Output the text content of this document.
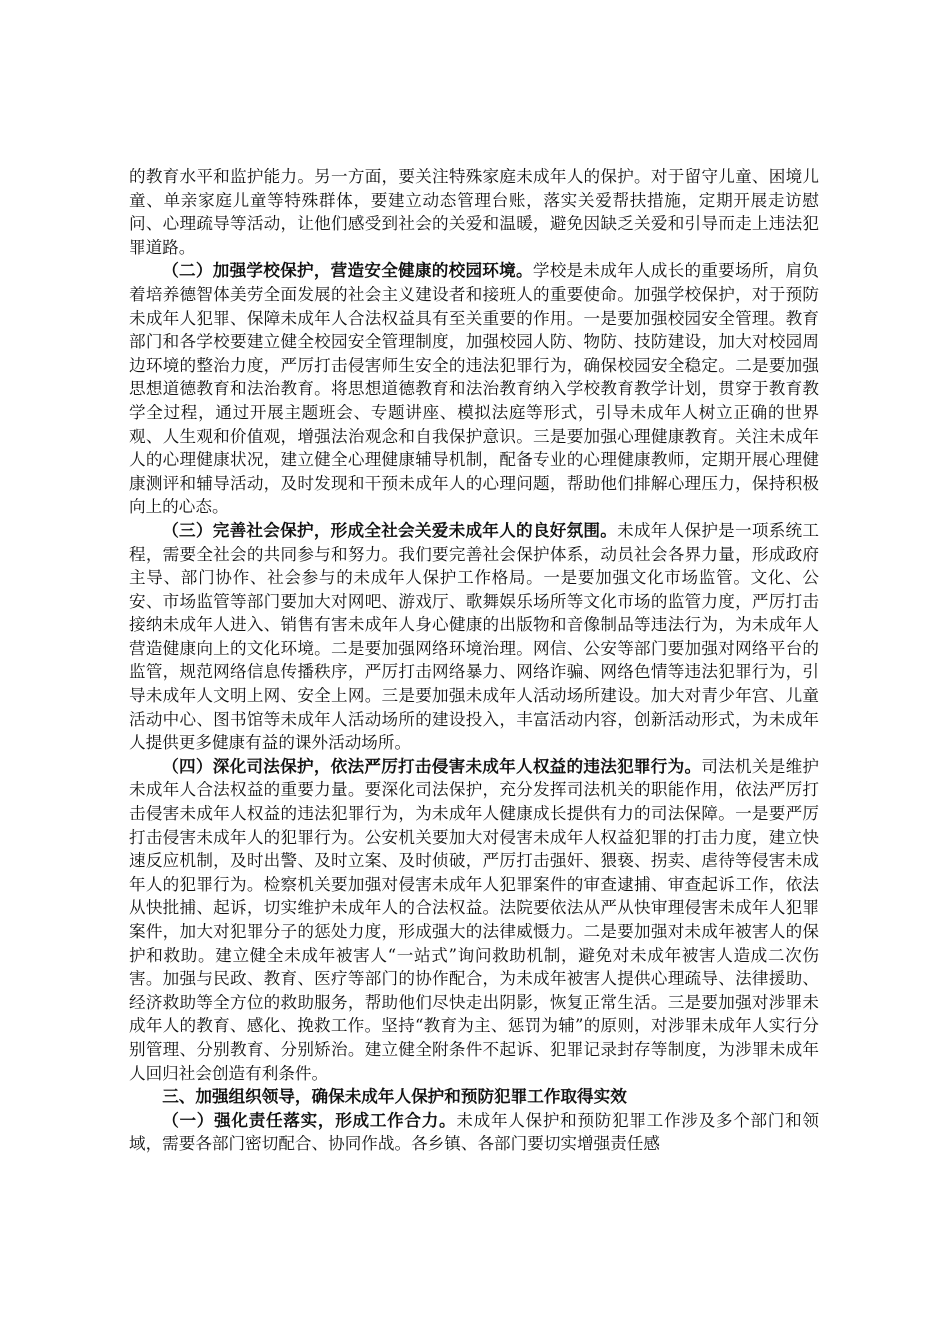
的教育水平和监护能力。另一方面，要关注特殊家庭未成年人的保护。对于留守儿童、困境儿童、单亲家庭儿童等特殊群体，要建立动态管理台账，落实关爱帮扶措施，定期开展走访慰问、心理疏导等活动，让他们感受到社会的关爱和温暖，避免因缺乏关爱和引导而走上违法犯罪道路。

（二）加强学校保护，营造安全健康的校园环境。学校是未成年人成长的重要场所，肩负着培养德智体美劳全面发展的社会主义建设者和接班人的重要使命。加强学校保护，对于预防未成年人犯罪、保障未成年人合法权益具有至关重要的作用。一是要加强校园安全管理。教育部门和各学校要建立健全校园安全管理制度，加强校园人防、物防、技防建设，加大对校园周边环境的整治力度，严厉打击侵害师生安全的违法犯罪行为，确保校园安全稳定。二是要加强思想道德教育和法治教育。将思想道德教育和法治教育纳入学校教育教学计划，贯穿于教育教学全过程，通过开展主题班会、专题讲座、模拟法庭等形式，引导未成年人树立正确的世界观、人生观和价值观，增强法治观念和自我保护意识。三是要加强心理健康教育。关注未成年人的心理健康状况，建立健全心理健康辅导机制，配备专业的心理健康教师，定期开展心理健康测评和辅导活动，及时发现和干预未成年人的心理问题，帮助他们排解心理压力，保持积极向上的心态。

（三）完善社会保护，形成全社会关爱未成年人的良好氛围。未成年人保护是一项系统工程，需要全社会的共同参与和努力。我们要完善社会保护体系，动员社会各界力量，形成政府主导、部门协作、社会参与的未成年人保护工作格局。一是要加强文化市场监管。文化、公安、市场监管等部门要加大对网吧、游戏厅、歌舞娱乐场所等文化市场的监管力度，严厉打击接纳未成年人进入、销售有害未成年人身心健康的出版物和音像制品等违法行为，为未成年人营造健康向上的文化环境。二是要加强网络环境治理。网信、公安等部门要加强对网络平台的监管，规范网络信息传播秩序，严厉打击网络暴力、网络诈骗、网络色情等违法犯罪行为，引导未成年人文明上网、安全上网。三是要加强未成年人活动场所建设。加大对青少年宫、儿童活动中心、图书馆等未成年人活动场所的建设投入，丰富活动内容，创新活动形式，为未成年人提供更多健康有益的课外活动场所。

（四）深化司法保护，依法严厉打击侵害未成年人权益的违法犯罪行为。司法机关是维护未成年人合法权益的重要力量。要深化司法保护，充分发挥司法机关的职能作用，依法严厉打击侵害未成年人权益的违法犯罪行为，为未成年人健康成长提供有力的司法保障。一是要严厉打击侵害未成年人的犯罪行为。公安机关要加大对侵害未成年人权益犯罪的打击力度，建立快速反应机制，及时出警、及时立案、及时侦破，严厉打击强奸、猥亵、拐卖、虐待等侵害未成年人的犯罪行为。检察机关要加强对侵害未成年人犯罪案件的审查逮捕、审查起诉工作，依法从快批捕、起诉，切实维护未成年人的合法权益。法院要依法从严从快审理侵害未成年人犯罪案件，加大对犯罪分子的惩处力度，形成强大的法律威慑力。二是要加强对未成年被害人的保护和救助。建立健全未成年被害人“一站式”询问救助机制，避免对未成年被害人造成二次伤害。加强与民政、教育、医疗等部门的协作配合，为未成年被害人提供心理疏导、法律援助、经济救助等全方位的救助服务，帮助他们尽快走出阴影，恢复正常生活。三是要加强对涉罪未成年人的教育、感化、挽救工作。坚持“教育为主、惩罚为辅”的原则，对涉罪未成年人实行分别管理、分别教育、分别矫治。建立健全附条件不起诉、犯罪记录封存等制度，为涉罪未成年人回归社会创造有利条件。

三、加强组织领导，确保未成年人保护和预防犯罪工作取得实效

（一）强化责任落实，形成工作合力。未成年人保护和预防犯罪工作涉及多个部门和领域，需要各部门密切配合、协同作战。各乡镇、各部门要切实增强责任感
